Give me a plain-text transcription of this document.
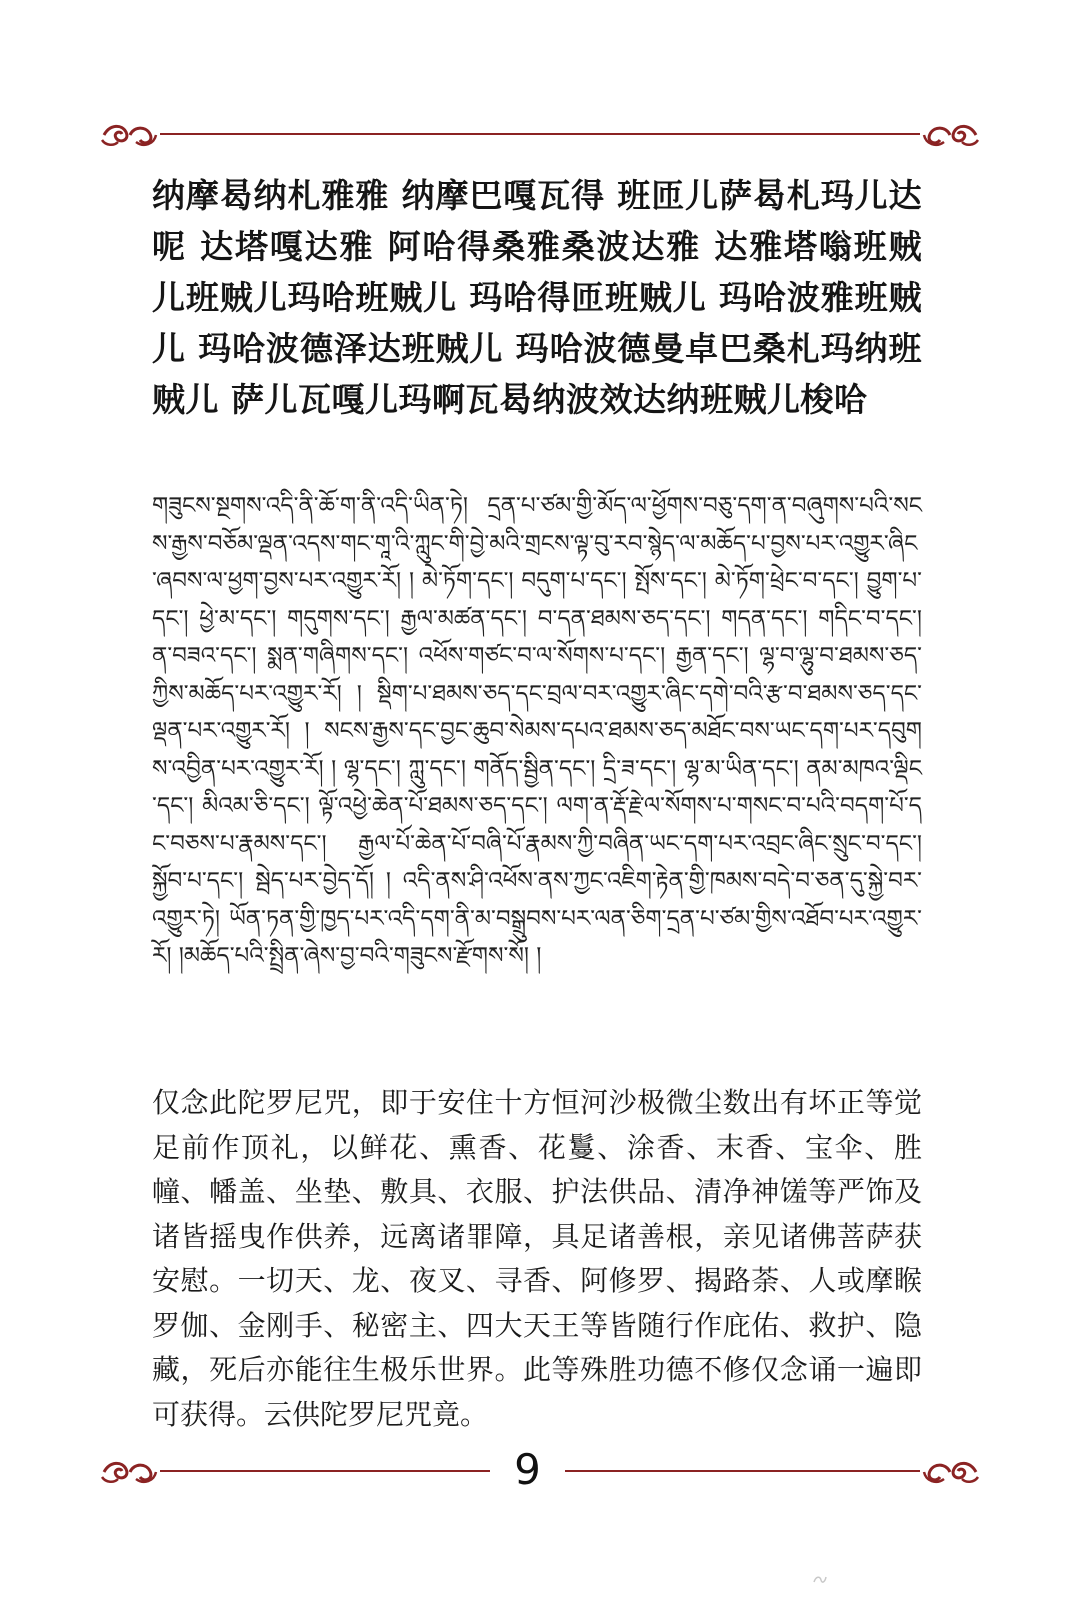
纳摩曷纳札雅雅 纳摩巴嘎瓦得 班匝儿萨曷札玛儿达呢 达塔嘎达雅 阿哈得桑雅桑波达雅 达雅塔嗡班贼儿班贼儿玛哈班贼儿 玛哈得匝班贼儿 玛哈波雅班贼儿 玛哈波德泽达班贼儿 玛哈波德曼卓巴桑札玛纳班贼儿 萨儿瓦嘎儿玛啊瓦曷纳波效达纳班贼儿梭哈
གཟུངས་སྔགས་འདི་ནི་ཆོ་ག་ནི་འདི་ཡིན་ཏེ། དྲན་པ་ཙམ་གྱི་མོད་ལ་ཕྱོགས་བཅུ་དག་ན་བཞུགས་པའི་སངས་རྒྱས་བཅོམ་ལྡན་འདས་གང་གཱ་འི་ཀླུང་གི་བྱེ་མའི་གྲངས་ལྟ་བུ་རབ་སྙེད་ལ་མཆོད་པ་བྱས་པར་འགྱུར་ཞིང་ཞབས་ལ་ཕྱག་བྱས་པར་འགྱུར་རོ། ། མེ་ཏོག་དང་། བདུག་པ་དང་། སྤོས་དང་། མེ་ཏོག་ཕྲེང་བ་དང་། བྱུག་པ་དང་། ཕྱེ་མ་དང་། གདུགས་དང་། རྒྱལ་མཚན་དང་། བ་དན་ཐམས་ཅད་དང་། གདན་དང་། གདིང་བ་དང་། ན་བཟའ་དང་། སྨན་གཞིགས་དང་། འཕོས་གཙང་བ་ལ་སོགས་པ་དང་། རྒྱན་དང་། ལྷ་བ་ལྷུ་བ་ཐམས་ཅད་ཀྱིས་མཆོད་པར་འགྱུར་རོ། ། སྡིག་པ་ཐམས་ཅད་དང་བྲལ་བར་འགྱུར་ཞིང་དགེ་བའི་རྩ་བ་ཐམས་ཅད་དང་ལྡན་པར་འགྱུར་རོ། ། སངས་རྒྱས་དང་བྱང་ཆུབ་སེམས་དཔའ་ཐམས་ཅད་མཐོང་བས་ཡང་དག་པར་དབུགས་འབྱིན་པར་འགྱུར་རོ། ། ལྷ་དང་། ཀླུ་དང་། གནོད་སྦྱིན་དང་། དྲི་ཟ་དང་། ལྷ་མ་ཡིན་དང་། ནམ་མཁའ་ལྡིང་དང་། མིའམ་ཅི་དང་། ལྟོ་འཕྱེ་ཆེན་པོ་ཐམས་ཅད་དང་། ལག་ན་རྡོ་རྗེ་ལ་སོགས་པ་གསང་བ་པའི་བདག་པོ་དང་བཅས་པ་རྣམས་དང་། རྒྱལ་པོ་ཆེན་པོ་བཞི་པོ་རྣམས་ཀྱི་བཞིན་ཡང་དག་པར་འབྲང་ཞིང་སྲུང་བ་དང་། སྐྱོབ་པ་དང་། སྦེད་པར་བྱེད་དོ། ། འདི་ནས་ཤི་འཕོས་ནས་ཀྱང་འཇིག་རྟེན་གྱི་ཁམས་བདེ་བ་ཅན་དུ་སྐྱེ་བར་འགྱུར་ཏེ། ཡོན་ཏན་གྱི་ཁྱད་པར་འདི་དག་ནི་མ་བསྒྲུབས་པར་ལན་ཅིག་དྲན་པ་ཙམ་གྱིས་འཐོབ་པར་འགྱུར་རོ། །མཆོད་པའི་སྤྲིན་ཞེས་བྱ་བའི་གཟུངས་རྫོགས་སོ། །
仅念此陀罗尼咒，即于安住十方恒河沙极微尘数出有坏正等觉足前作顶礼，以鲜花、熏香、花鬘、涂香、末香、宝伞、胜幢、幡盖、坐垫、敷具、衣服、护法供品、清净神馐等严饰及诸皆摇曳作供养，远离诸罪障，具足诸善根，亲见诸佛菩萨获安慰。一切天、龙、夜叉、寻香、阿修罗、揭路荼、人或摩睺罗伽、金刚手、秘密主、四大天王等皆随行作庇佑、救护、隐藏，死后亦能往生极乐世界。此等殊胜功德不修仅念诵一遍即可获得。云供陀罗尼咒竟。
9
